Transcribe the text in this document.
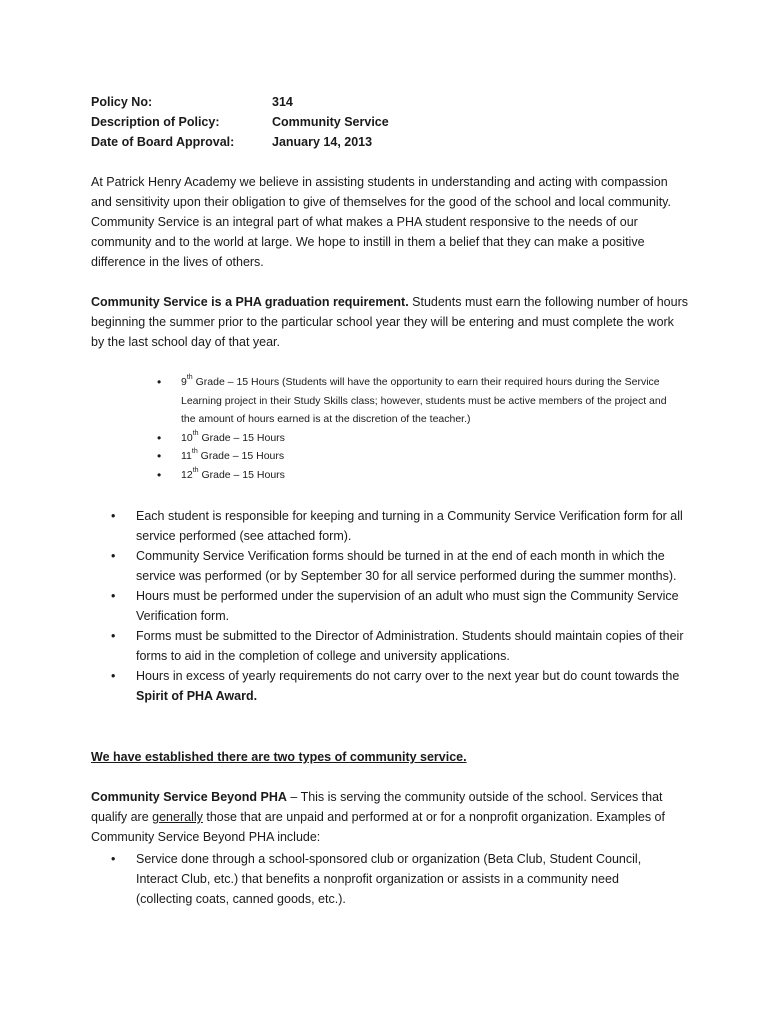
Policy No:	314
Description of Policy:	Community Service
Date of Board Approval:	January 14, 2013

At Patrick Henry Academy we believe in assisting students in understanding and acting with compassion and sensitivity upon their obligation to give of themselves for the good of the school and local community. Community Service is an integral part of what makes a PHA student responsive to the needs of our community and to the world at large. We hope to instill in them a belief that they can make a positive difference in the lives of others.

Community Service is a PHA graduation requirement. Students must earn the following number of hours beginning the summer prior to the particular school year they will be entering and must complete the work by the last school day of that year.

• 9th Grade – 15 Hours (Students will have the opportunity to earn their required hours during the Service Learning project in their Study Skills class; however, students must be active members of the project and the amount of hours earned is at the discretion of the teacher.)
• 10th Grade – 15 Hours
• 11th Grade – 15 Hours
• 12th Grade – 15 Hours
• Each student is responsible for keeping and turning in a Community Service Verification form for all service performed (see attached form).
• Community Service Verification forms should be turned in at the end of each month in which the service was performed (or by September 30 for all service performed during the summer months).
• Hours must be performed under the supervision of an adult who must sign the Community Service Verification form.
• Forms must be submitted to the Director of Administration. Students should maintain copies of their forms to aid in the completion of college and university applications.
• Hours in excess of yearly requirements do not carry over to the next year but do count towards the Spirit of PHA Award.

We have established there are two types of community service.

Community Service Beyond PHA – This is serving the community outside of the school. Services that qualify are generally those that are unpaid and performed at or for a nonprofit organization. Examples of Community Service Beyond PHA include:

• Service done through a school-sponsored club or organization (Beta Club, Student Council, Interact Club, etc.) that benefits a nonprofit organization or assists in a community need (collecting coats, canned goods, etc.).
